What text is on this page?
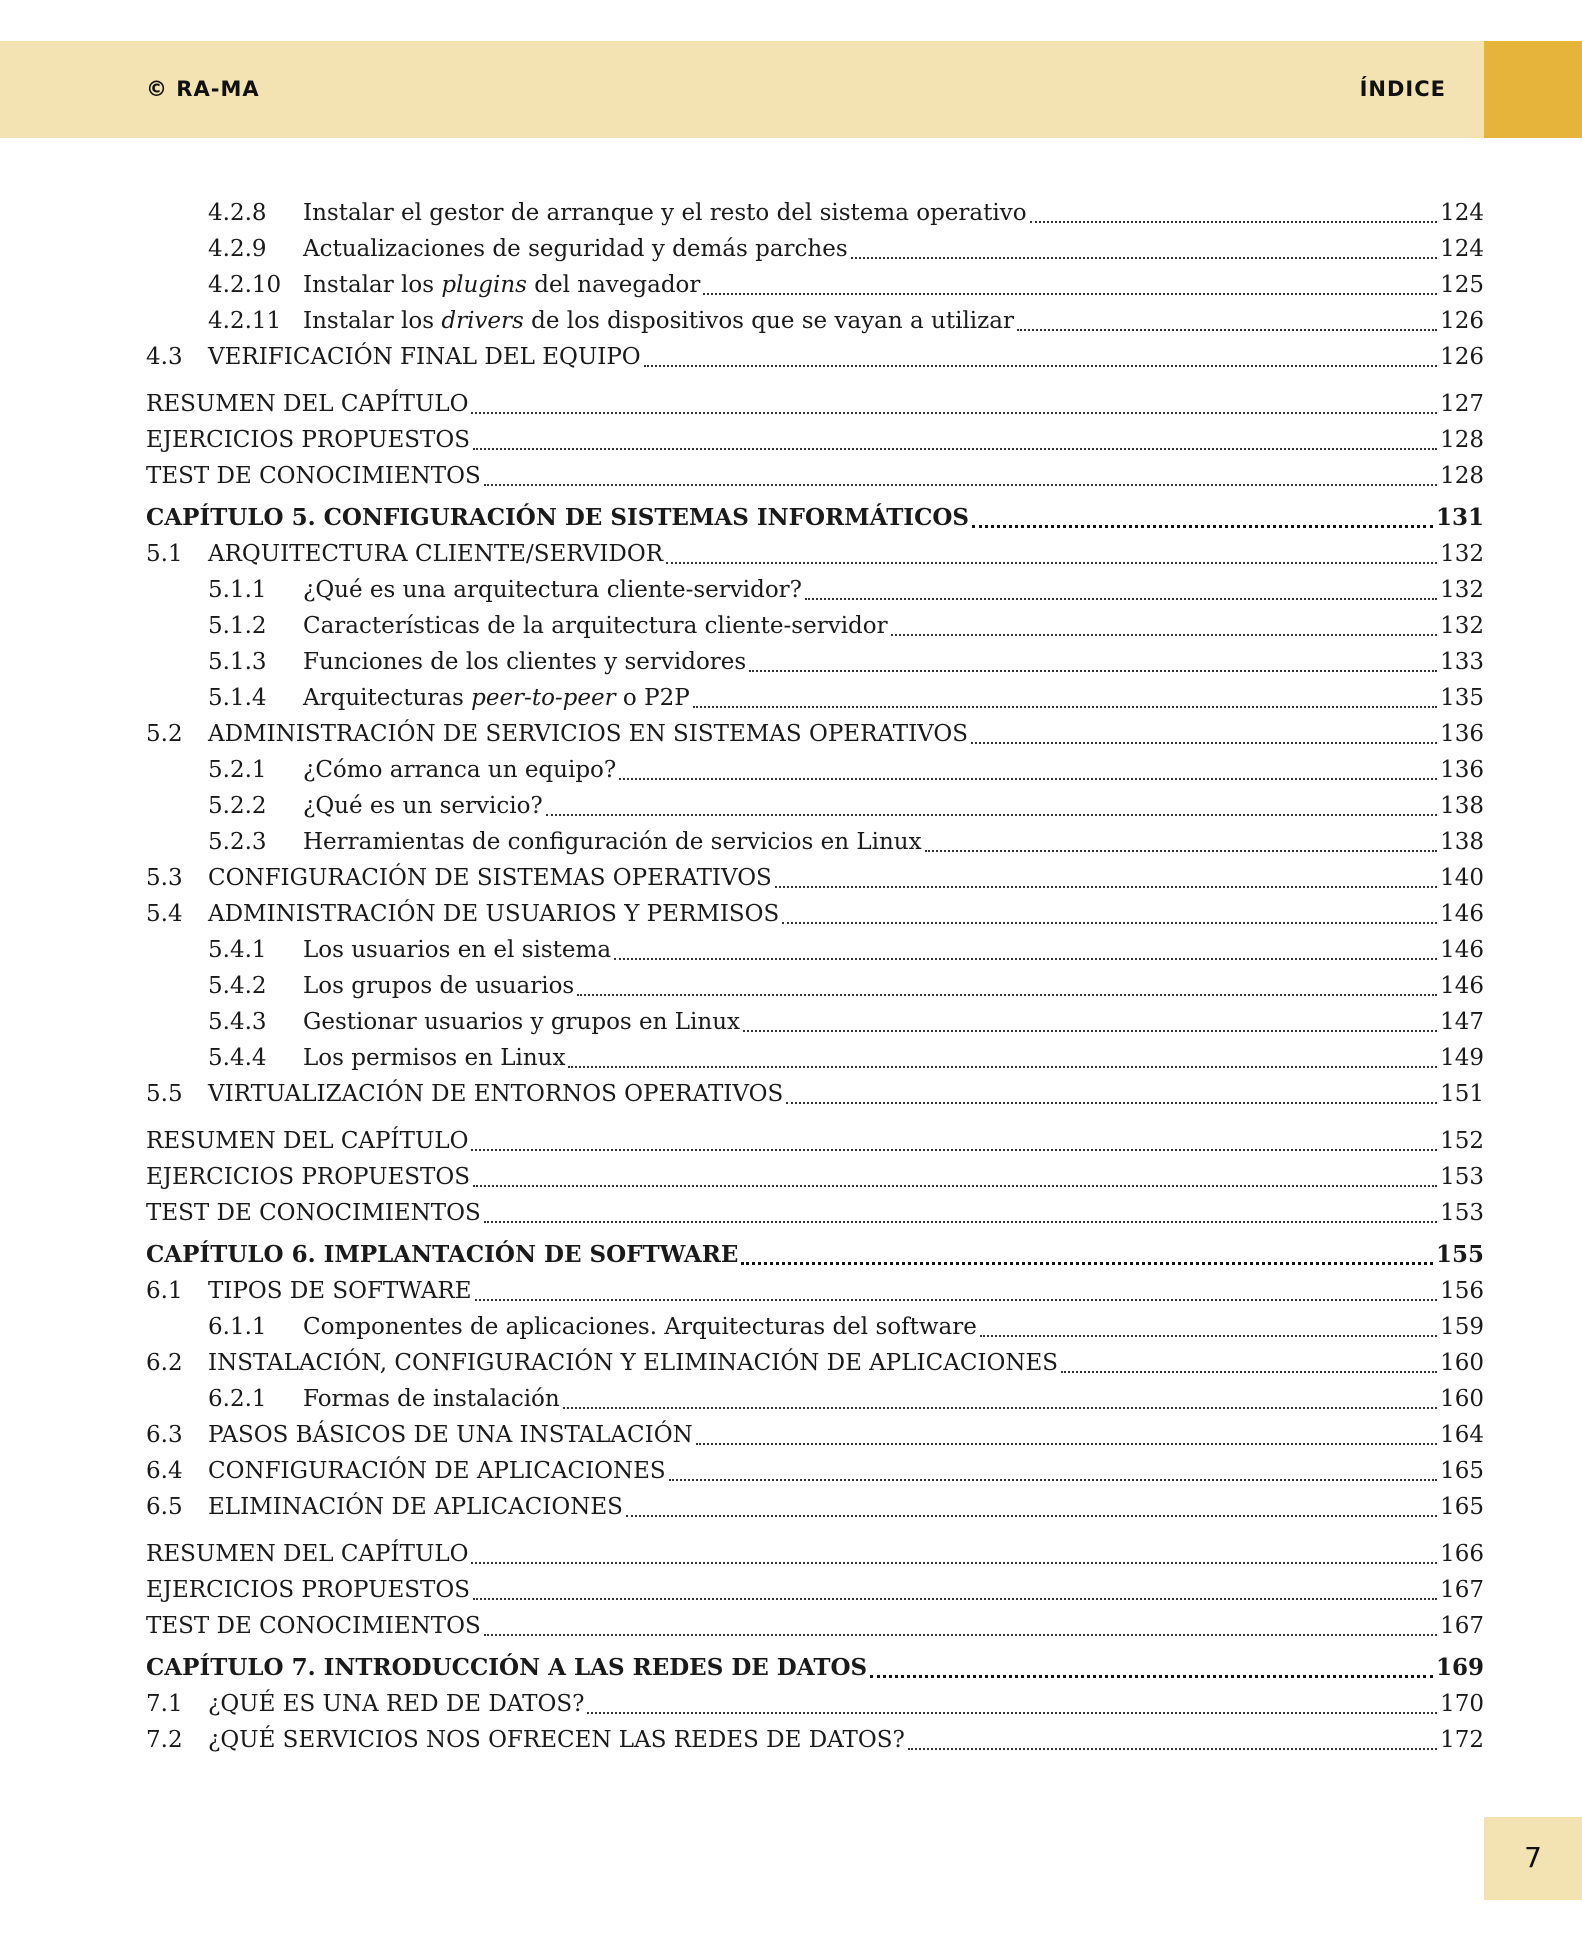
© RA-MA	ÍNDICE
4.2.8	Instalar el gestor de arranque y el resto del sistema operativo	124
4.2.9	Actualizaciones de seguridad y demás parches	124
4.2.10 Instalar los plugins del navegador	125
4.2.11 Instalar los drivers de los dispositivos que se vayan a utilizar	126
4.3	VERIFICACIÓN FINAL DEL EQUIPO	126
RESUMEN DEL CAPÍTULO	127
EJERCICIOS PROPUESTOS	128
TEST DE CONOCIMIENTOS	128
CAPÍTULO 5. CONFIGURACIÓN DE SISTEMAS INFORMÁTICOS	131
5.1	ARQUITECTURA CLIENTE/SERVIDOR	132
5.1.1	¿Qué es una arquitectura cliente-servidor?	132
5.1.2	Características de la arquitectura cliente-servidor	132
5.1.3	Funciones de los clientes y servidores	133
5.1.4	Arquitecturas peer-to-peer o P2P	135
5.2	ADMINISTRACIÓN DE SERVICIOS EN SISTEMAS OPERATIVOS	136
5.2.1	¿Cómo arranca un equipo?	136
5.2.2	¿Qué es un servicio?	138
5.2.3	Herramientas de configuración de servicios en Linux	138
5.3	CONFIGURACIÓN DE SISTEMAS OPERATIVOS	140
5.4	ADMINISTRACIÓN DE USUARIOS Y PERMISOS	146
5.4.1	Los usuarios en el sistema	146
5.4.2	Los grupos de usuarios	146
5.4.3	Gestionar usuarios y grupos en Linux	147
5.4.4	Los permisos en Linux	149
5.5	VIRTUALIZACIÓN DE ENTORNOS OPERATIVOS	151
RESUMEN DEL CAPÍTULO	152
EJERCICIOS PROPUESTOS	153
TEST DE CONOCIMIENTOS	153
CAPÍTULO 6. IMPLANTACIÓN DE SOFTWARE	155
6.1	TIPOS DE SOFTWARE	156
6.1.1	Componentes de aplicaciones. Arquitecturas del software	159
6.2	INSTALACIÓN, CONFIGURACIÓN Y ELIMINACIÓN DE APLICACIONES	160
6.2.1	Formas de instalación	160
6.3	PASOS BÁSICOS DE UNA INSTALACIÓN	164
6.4	CONFIGURACIÓN DE APLICACIONES	165
6.5	ELIMINACIÓN DE APLICACIONES	165
RESUMEN DEL CAPÍTULO	166
EJERCICIOS PROPUESTOS	167
TEST DE CONOCIMIENTOS	167
CAPÍTULO 7. INTRODUCCIÓN A LAS REDES DE DATOS	169
7.1	¿QUÉ ES UNA RED DE DATOS?	170
7.2	¿QUÉ SERVICIOS NOS OFRECEN LAS REDES DE DATOS?	172
7
